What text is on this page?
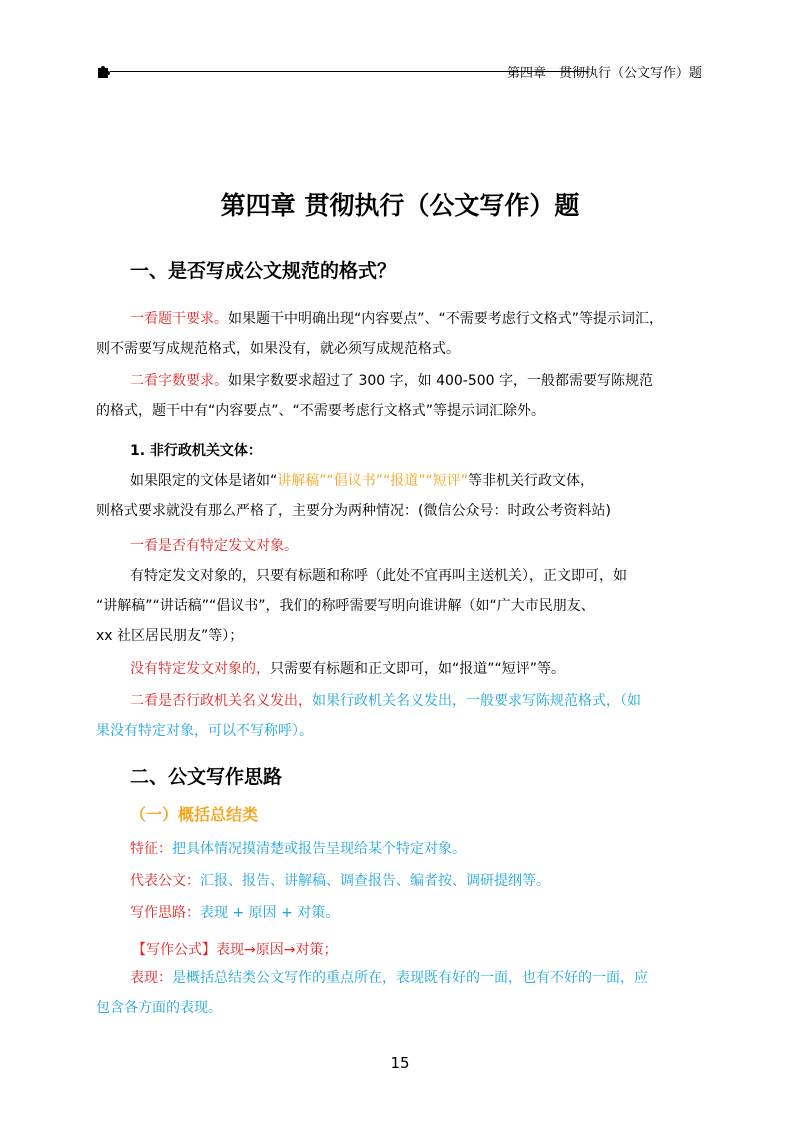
第四章　贯彻执行（公文写作）题
第四章 贯彻执行（公文写作）题
一、是否写成公文规范的格式？
一看题干要求。如果题干中明确出现“内容要点”、“不需要考虑行文格式”等提示词汇，
则不需要写成规范格式，如果没有，就必须写成规范格式。
二看字数要求。如果字数要求超过了 300 字，如 400-500 字，一般都需要写陈规范
的格式，题干中有“内容要点”、“不需要考虑行文格式”等提示词汇除外。
1. 非行政机关文体：
如果限定的文体是诸如“讲解稿”“倡议书”“报道”“短评”等非机关行政文体，
则格式要求就没有那么严格了，主要分为两种情况：(微信公众号：时政公考资料站)
一看是否有特定发文对象。
有特定发文对象的，只要有标题和称呼（此处不宜再叫主送机关），正文即可，如
“讲解稿”“讲话稿”“倡议书”，我们的称呼需要写明向谁讲解（如“广大市民朋友、
xx 社区居民朋友”等）；
没有特定发文对象的，只需要有标题和正文即可，如“报道”“短评”等。
二看是否行政机关名义发出，如果行政机关名义发出，一般要求写陈规范格式，（如
果没有特定对象，可以不写称呼）。
二、公文写作思路
（一）概括总结类
特征：把具体情况摸清楚或报告呈现给某个特定对象。
代表公文：汇报、报告、讲解稿、调查报告、编者按、调研提纲等。
写作思路：表现 + 原因 + 对策。
【写作公式】表现→原因→对策；
表现：是概括总结类公文写作的重点所在，表现既有好的一面，也有不好的一面，应
包含各方面的表现。
15
